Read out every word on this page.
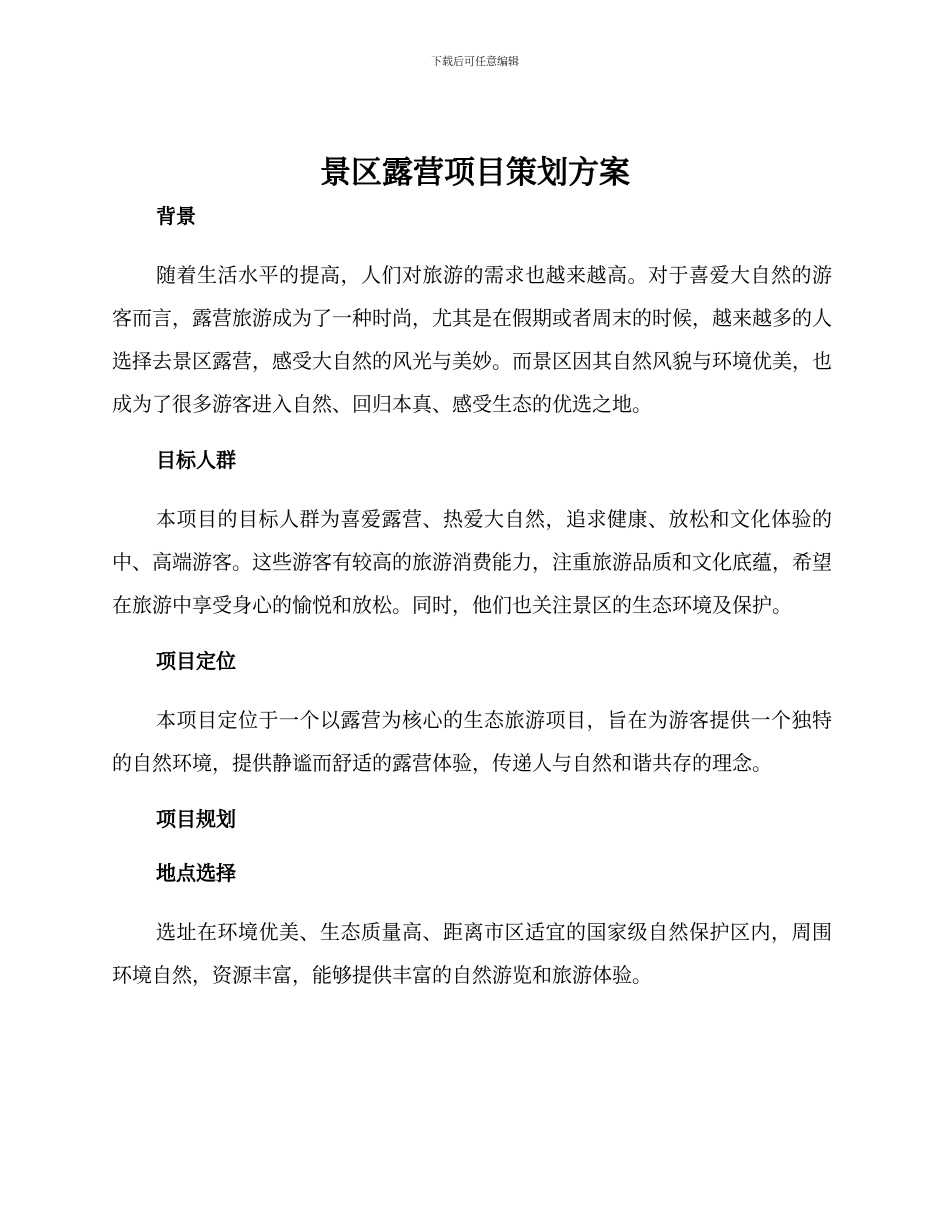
下载后可任意编辑
景区露营项目策划方案
背景

随着生活水平的提高，人们对旅游的需求也越来越高。对于喜爱大自然的游客而言，露营旅游成为了一种时尚，尤其是在假期或者周末的时候，越来越多的人选择去景区露营，感受大自然的风光与美妙。而景区因其自然风貌与环境优美，也成为了很多游客进入自然、回归本真、感受生态的优选之地。

目标人群

本项目的目标人群为喜爱露营、热爱大自然，追求健康、放松和文化体验的中、高端游客。这些游客有较高的旅游消费能力，注重旅游品质和文化底蕴，希望在旅游中享受身心的愉悦和放松。同时，他们也关注景区的生态环境及保护。

项目定位

本项目定位于一个以露营为核心的生态旅游项目，旨在为游客提供一个独特的自然环境，提供静谧而舒适的露营体验，传递人与自然和谐共存的理念。

项目规划
地点选择

选址在环境优美、生态质量高、距离市区适宜的国家级自然保护区内，周围环境自然，资源丰富，能够提供丰富的自然游览和旅游体验。
